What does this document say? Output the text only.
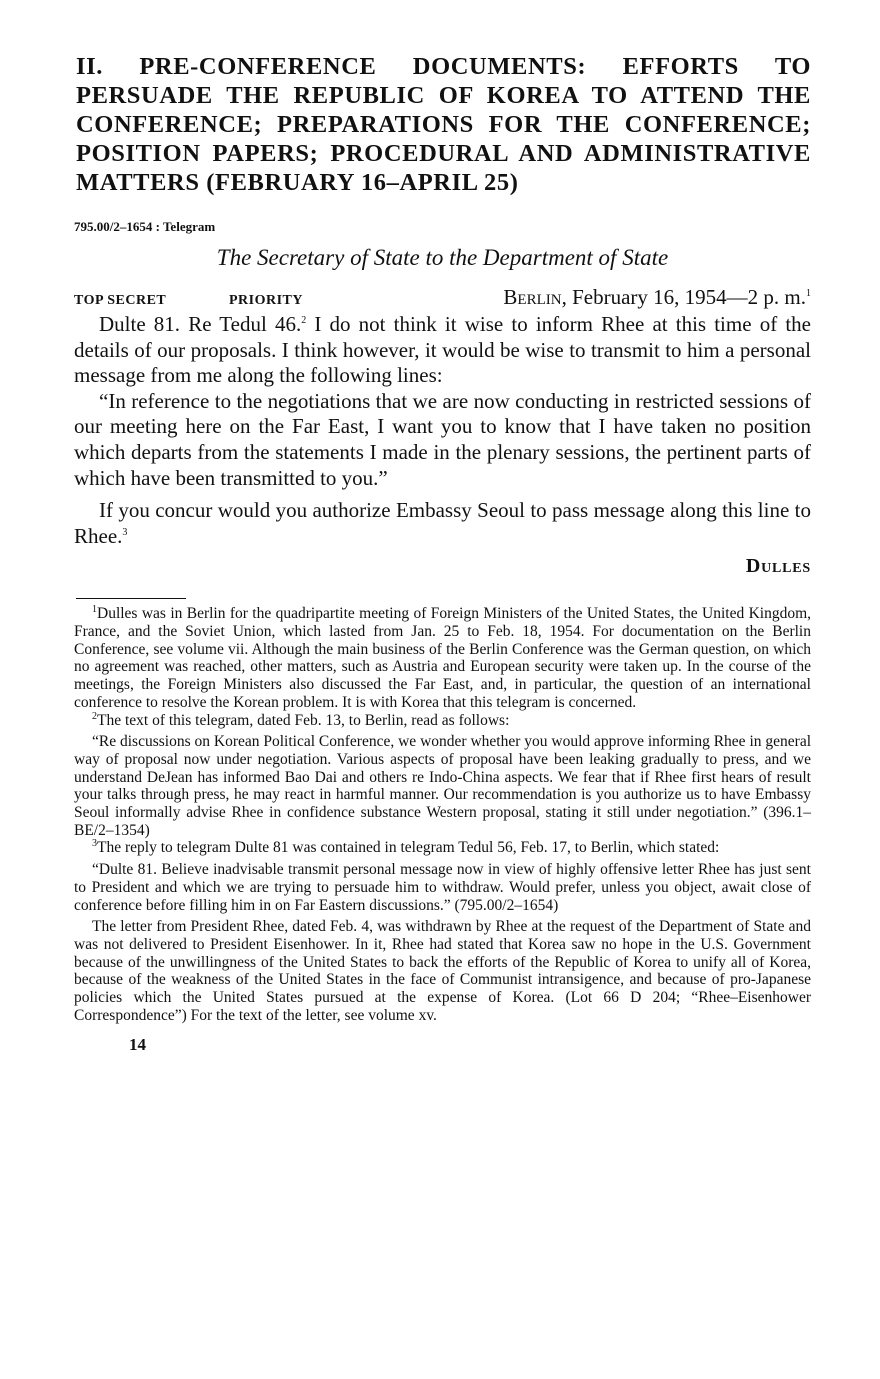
II. PRE-CONFERENCE DOCUMENTS: EFFORTS TO PERSUADE THE REPUBLIC OF KOREA TO ATTEND THE CONFERENCE; PREPARATIONS FOR THE CONFERENCE; POSITION PAPERS; PROCEDURAL AND ADMINISTRATIVE MATTERS (FEBRUARY 16–APRIL 25)
795.00/2–1654 : Telegram
The Secretary of State to the Department of State
TOP SECRET	PRIORITY	Berlin, February 16, 1954—2 p. m.$^1$

Dulte 81. Re Tedul 46.$^2$ I do not think it wise to inform Rhee at this time of the details of our proposals. I think however, it would be wise to transmit to him a personal message from me along the following lines:

“In reference to the negotiations that we are now conducting in restricted sessions of our meeting here on the Far East, I want you to know that I have taken no position which departs from the statements I made in the plenary sessions, the pertinent parts of which have been transmitted to you.”

If you concur would you authorize Embassy Seoul to pass message along this line to Rhee.$^3$

Dulles

$^1$Dulles was in Berlin for the quadripartite meeting of Foreign Ministers of the United States, the United Kingdom, France, and the Soviet Union, which lasted from Jan. 25 to Feb. 18, 1954. For documentation on the Berlin Conference, see volume vii. Although the main business of the Berlin Conference was the German question, on which no agreement was reached, other matters, such as Austria and European security were taken up. In the course of the meetings, the Foreign Ministers also discussed the Far East, and, in particular, the question of an international conference to resolve the Korean problem. It is with Korea that this telegram is concerned.

$^2$The text of this telegram, dated Feb. 13, to Berlin, read as follows:

“Re discussions on Korean Political Conference, we wonder whether you would approve informing Rhee in general way of proposal now under negotiation. Various aspects of proposal have been leaking gradually to press, and we understand DeJean has informed Bao Dai and others re Indo-China aspects. We fear that if Rhee first hears of result your talks through press, he may react in harmful manner. Our recommendation is you authorize us to have Embassy Seoul informally advise Rhee in confidence substance Western proposal, stating it still under negotiation.” (396.1–BE/2–1354)

$^3$The reply to telegram Dulte 81 was contained in telegram Tedul 56, Feb. 17, to Berlin, which stated:

“Dulte 81. Believe inadvisable transmit personal message now in view of highly offensive letter Rhee has just sent to President and which we are trying to persuade him to withdraw. Would prefer, unless you object, await close of conference before filling him in on Far Eastern discussions.” (795.00/2–1654)

The letter from President Rhee, dated Feb. 4, was withdrawn by Rhee at the request of the Department of State and was not delivered to President Eisenhower. In it, Rhee had stated that Korea saw no hope in the U.S. Government because of the unwillingness of the United States to back the efforts of the Republic of Korea to unify all of Korea, because of the weakness of the United States in the face of Communist intransigence, and because of pro-Japanese policies which the United States pursued at the expense of Korea. (Lot 66 D 204; “Rhee–Eisenhower Correspondence”) For the text of the letter, see volume xv.

14
